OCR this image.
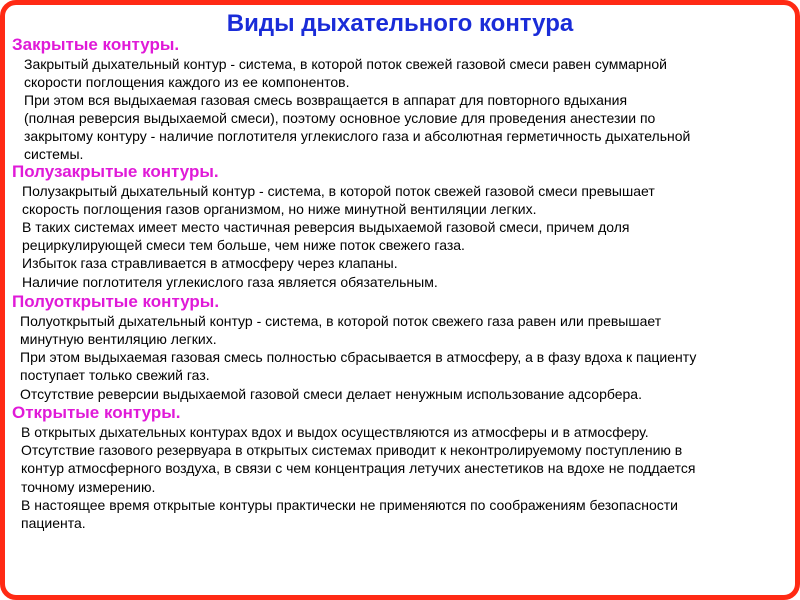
Виды дыхательного контура
Закрытые контуры.
Закрытый дыхательный контур - система, в которой поток свежей газовой смеси равен суммарной
скорости поглощения каждого из ее компонентов.
При этом вся выдыхаемая газовая смесь возвращается в аппарат для повторного вдыхания
(полная реверсия выдыхаемой смеси), поэтому основное условие для проведения анестезии по
закрытому контуру - наличие поглотителя углекислого газа и абсолютная герметичность дыхательной
системы.
Полузакрытые контуры.
Полузакрытый дыхательный контур - система, в которой поток свежей газовой смеси превышает
скорость поглощения газов организмом, но ниже минутной вентиляции легких.
В таких системах имеет место частичная реверсия выдыхаемой газовой смеси, причем доля
рециркулирующей смеси тем больше, чем ниже поток свежего газа.
Избыток газа стравливается в атмосферу через клапаны.
Наличие поглотителя углекислого газа является обязательным.
Полуоткрытые контуры.
Полуоткрытый дыхательный контур - система, в которой поток свежего газа равен или превышает
минутную вентиляцию легких.
При этом выдыхаемая газовая смесь полностью сбрасывается в атмосферу, а в фазу вдоха к пациенту
поступает только свежий газ.
Отсутствие реверсии выдыхаемой газовой смеси делает ненужным использование адсорбера.
Открытые контуры.
В открытых дыхательных контурах вдох и выдох осуществляются из атмосферы и в атмосферу.
Отсутствие газового резервуара в открытых системах приводит к неконтролируемому поступлению в
контур атмосферного воздуха, в связи с чем концентрация летучих анестетиков на вдохе не поддается
точному измерению.
В настоящее время открытые контуры практически не применяются по соображениям безопасности
пациента.
